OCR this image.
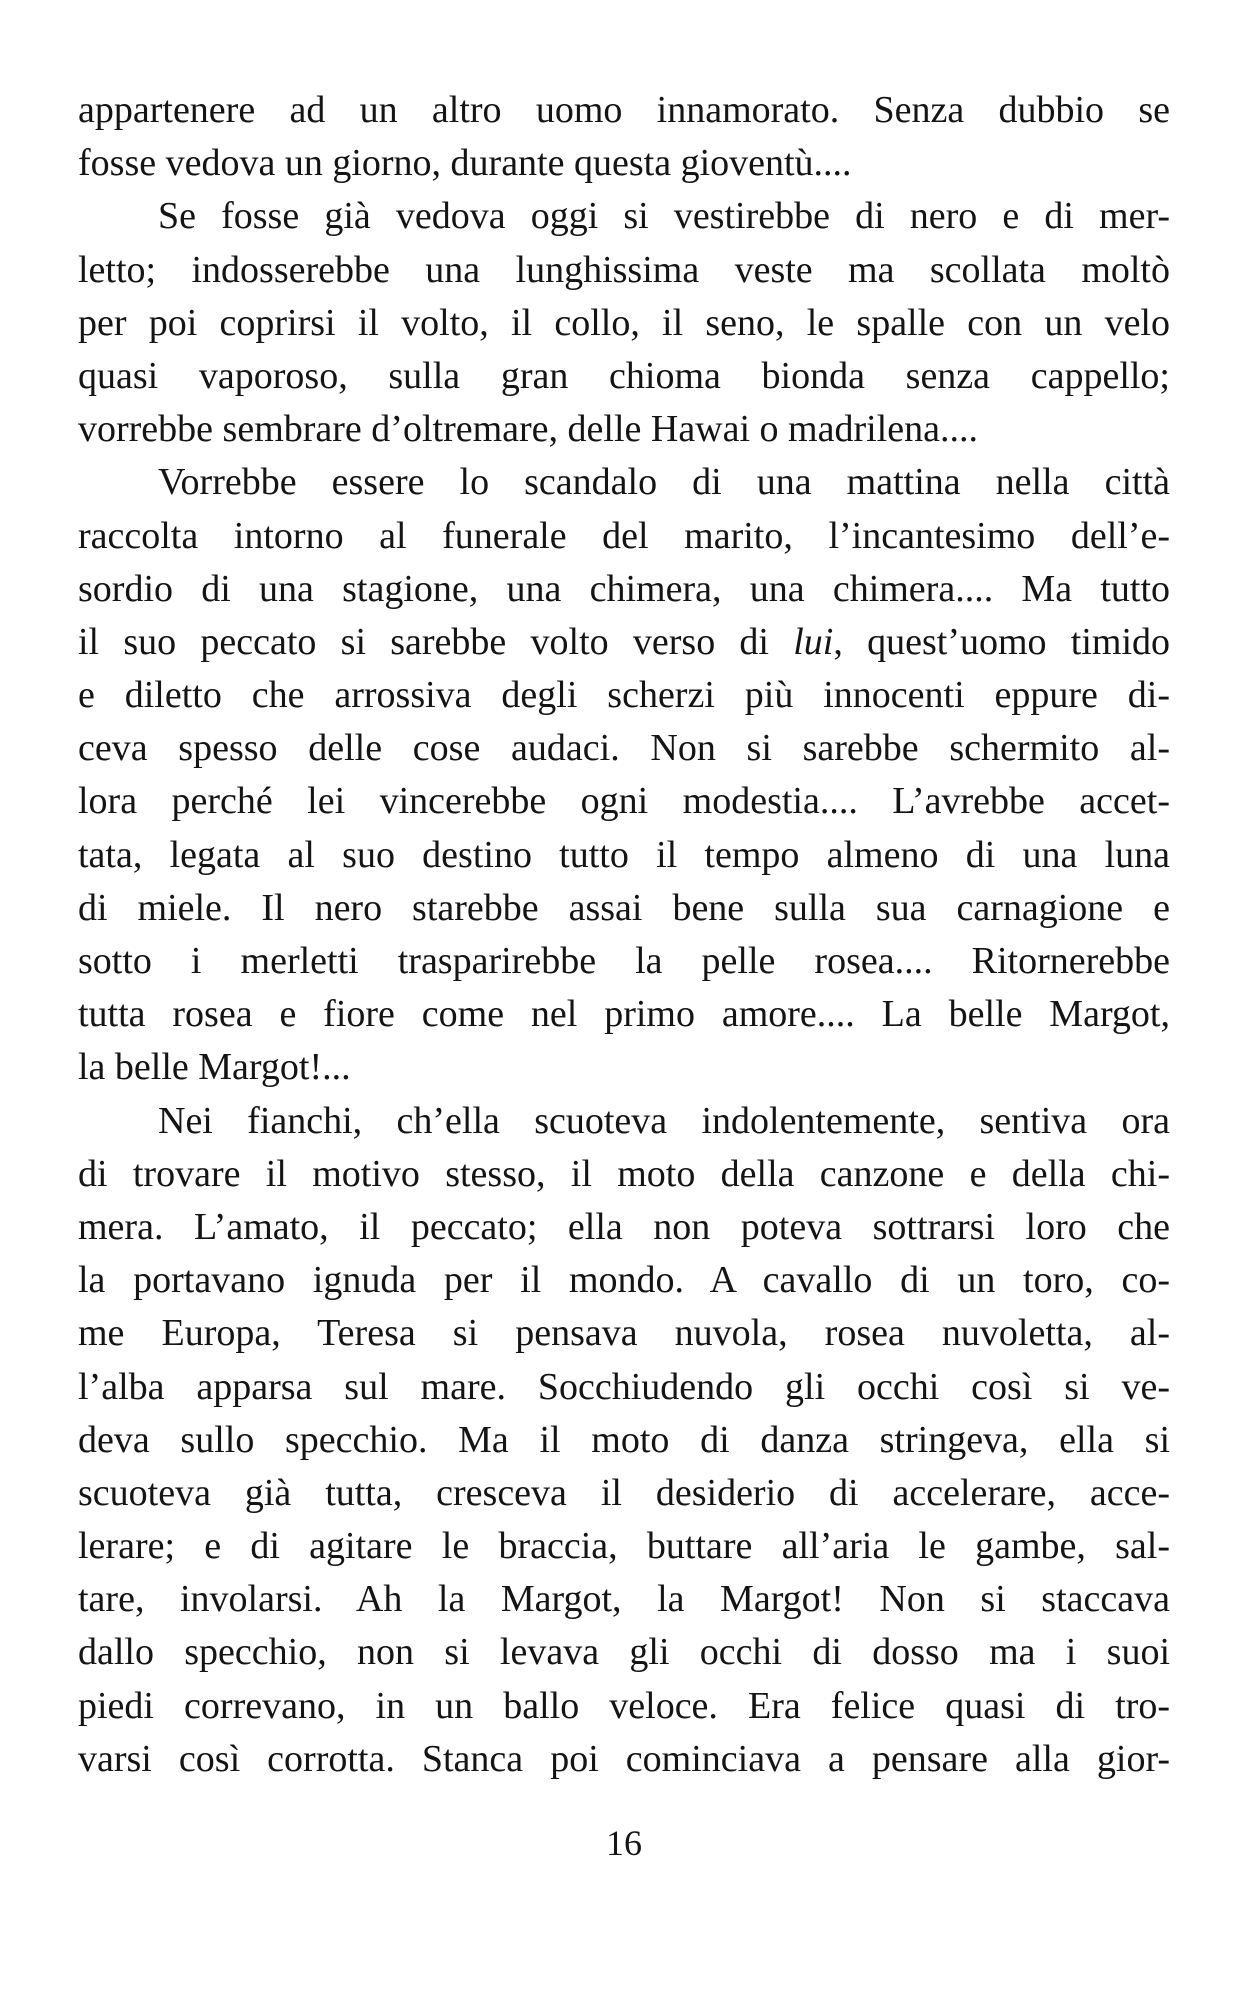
appartenere ad un altro uomo innamorato. Senza dubbio se
fosse vedova un giorno, durante questa gioventù....
Se fosse già vedova oggi si vestirebbe di nero e di mer-
letto; indosserebbe una lunghissima veste ma scollata moltò
per poi coprirsi il volto, il collo, il seno, le spalle con un velo
quasi vaporoso, sulla gran chioma bionda senza cappello;
vorrebbe sembrare d’oltremare, delle Hawai o madrilena....
Vorrebbe essere lo scandalo di una mattina nella città
raccolta intorno al funerale del marito, l’incantesimo dell’e-
sordio di una stagione, una chimera, una chimera.... Ma tutto
il suo peccato si sarebbe volto verso di lui, quest’uomo timido
e diletto che arrossiva degli scherzi più innocenti eppure di-
ceva spesso delle cose audaci. Non si sarebbe schermito al-
lora perché lei vincerebbe ogni modestia.... L’avrebbe accet-
tata, legata al suo destino tutto il tempo almeno di una luna
di miele. Il nero starebbe assai bene sulla sua carnagione e
sotto i merletti trasparirebbe la pelle rosea.... Ritornerebbe
tutta rosea e fiore come nel primo amore.... La belle Margot,
la belle Margot!...
Nei fianchi, ch’ella scuoteva indolentemente, sentiva ora
di trovare il motivo stesso, il moto della canzone e della chi-
mera. L’amato, il peccato; ella non poteva sottrarsi loro che
la portavano ignuda per il mondo. A cavallo di un toro, co-
me Europa, Teresa si pensava nuvola, rosea nuvoletta, al-
l’alba apparsa sul mare. Socchiudendo gli occhi così si ve-
deva sullo specchio. Ma il moto di danza stringeva, ella si
scuoteva già tutta, cresceva il desiderio di accelerare, acce-
lerare; e di agitare le braccia, buttare all’aria le gambe, sal-
tare, involarsi. Ah la Margot, la Margot! Non si staccava
dallo specchio, non si levava gli occhi di dosso ma i suoi
piedi correvano, in un ballo veloce. Era felice quasi di tro-
varsi così corrotta. Stanca poi cominciava a pensare alla gior-
16
